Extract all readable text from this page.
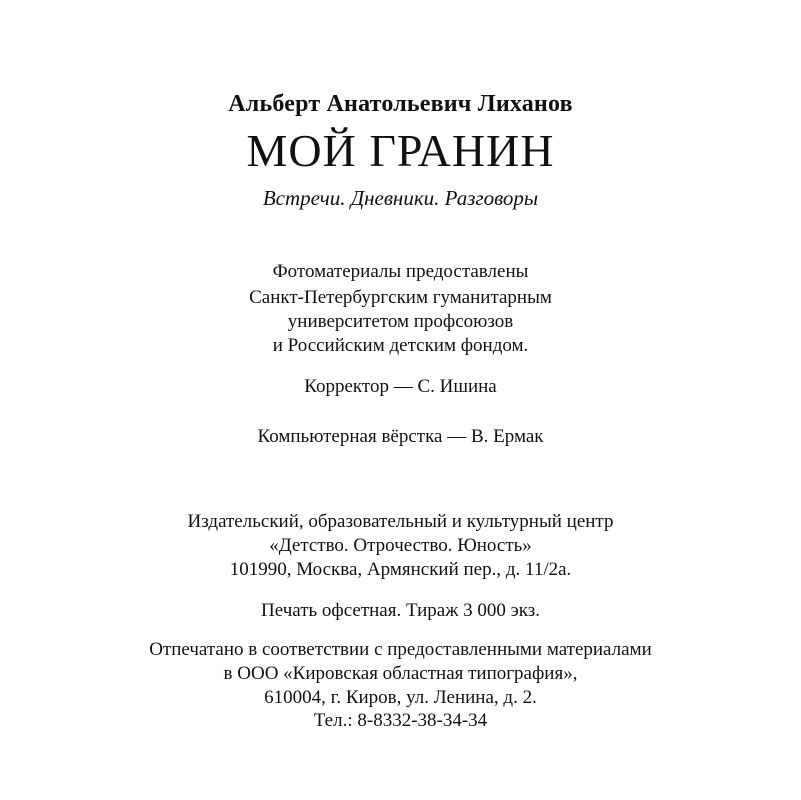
Альберт Анатольевич Лиханов
МОЙ ГРАНИН
Встречи. Дневники. Разговоры
Фотоматериалы предоставлены
Санкт-Петербургским гуманитарным
университетом профсоюзов
и Российским детским фондом.
Корректор — С. Ишина
Компьютерная вёрстка — В. Ермак
Издательский, образовательный и культурный центр
«Детство. Отрочество. Юность»
101990, Москва, Армянский пер., д. 11/2а.
Печать офсетная. Тираж 3 000 экз.
Отпечатано в соответствии с предоставленными материалами
в ООО «Кировская областная типография»,
610004, г. Киров, ул. Ленина, д. 2.
Тел.: 8-8332-38-34-34
